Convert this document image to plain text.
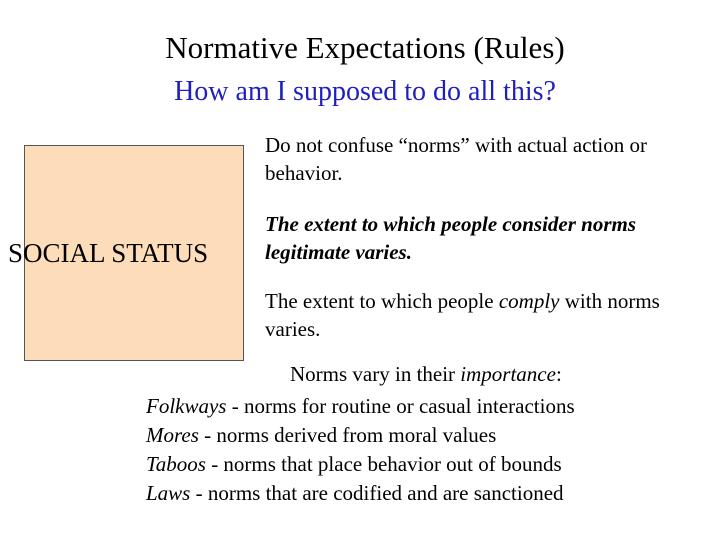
Normative Expectations (Rules)
How am I supposed to do all this?
SOCIAL STATUS
Do not confuse “norms” with actual action or behavior.
The extent to which people consider norms legitimate varies.
The extent to which people comply with norms varies.
Norms vary in their importance:
Folkways - norms for routine or casual interactions
Mores - norms derived from moral values
Taboos - norms that place behavior out of bounds
Laws - norms that are codified and are sanctioned
